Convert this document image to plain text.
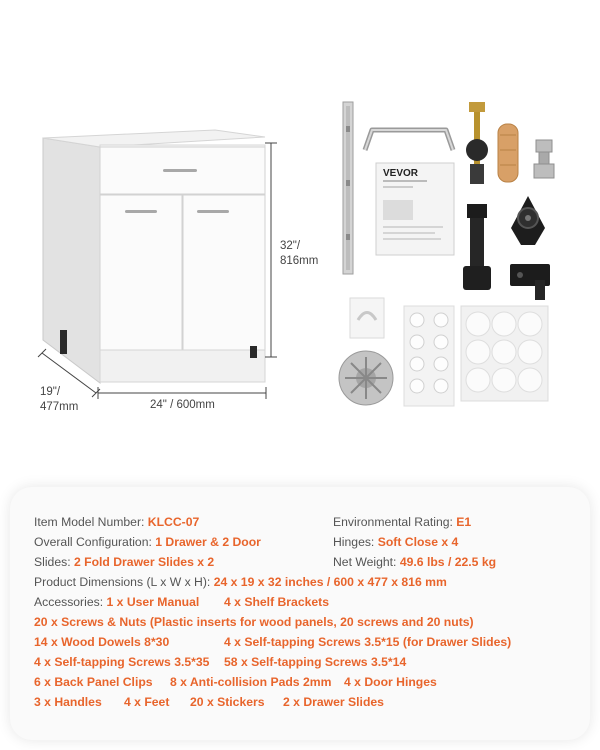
VEVOR
32"/
816mm
24" / 600mm
19"/
477mm
Item Model Number: KLCC-07	Environmental Rating: E1
Overall Configuration: 1 Drawer & 2 Door	Hinges: Soft Close x 4
Slides: 2 Fold Drawer Slides x 2	Net Weight: 49.6 lbs / 22.5 kg
Product Dimensions (L x W x H): 24 x 19 x 32 inches / 600 x 477 x 816 mm
Accessories: 1 x User Manual 4 x Shelf Brackets
20 x Screws & Nuts (Plastic inserts for wood panels, 20 screws and 20 nuts)
14 x Wood Dowels 8*30	4 x Self-tapping Screws 3.5*15 (for Drawer Slides)
4 x Self-tapping Screws 3.5*35 58 x Self-tapping Screws 3.5*14
6 x Back Panel Clips 8 x Anti-collision Pads 2mm 4 x Door Hinges
3 x Handles 4 x Feet 20 x Stickers 2 x Drawer Slides
